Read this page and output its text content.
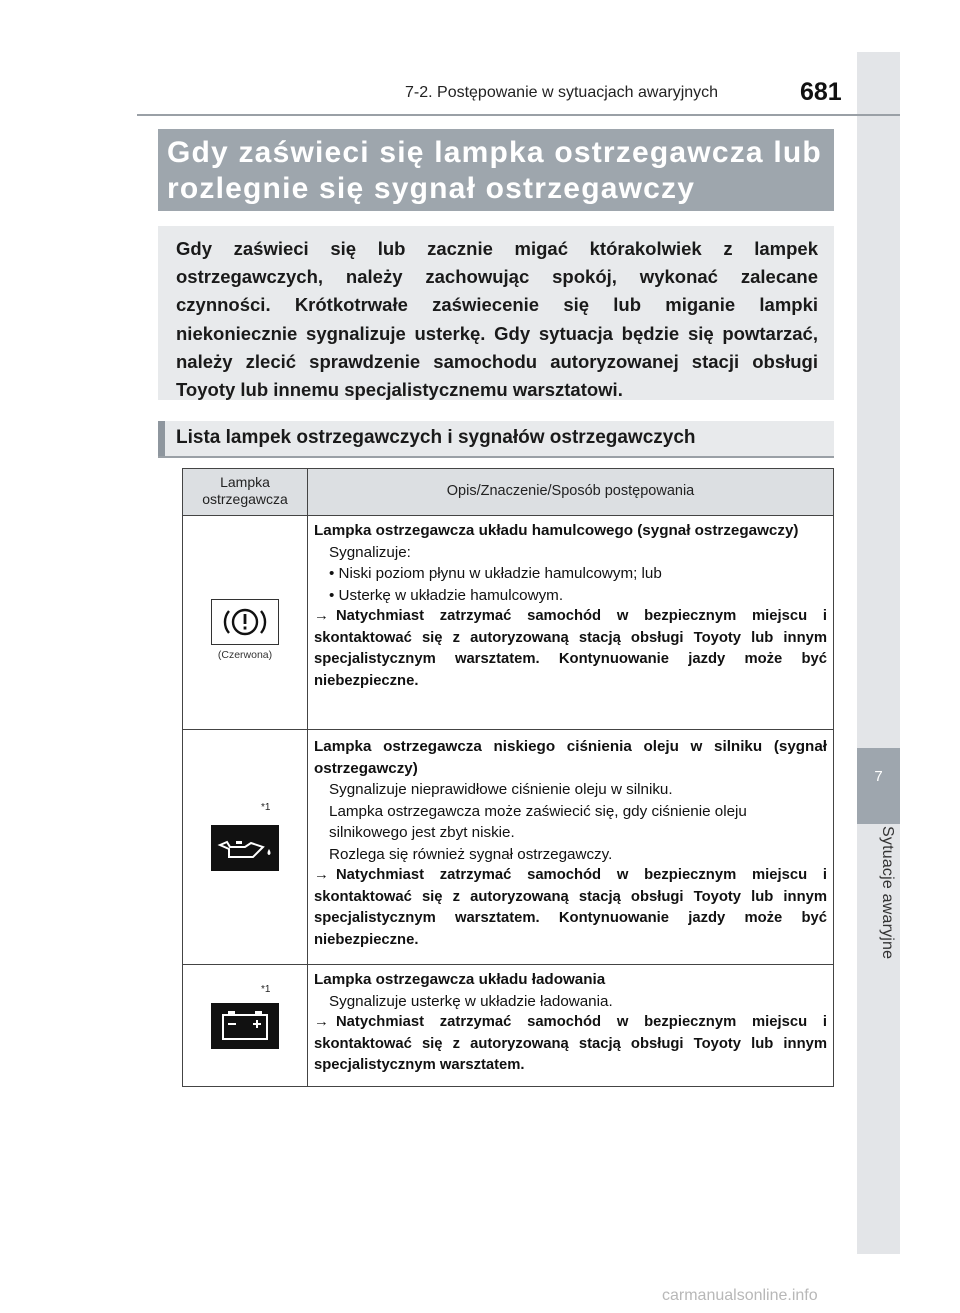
7
Sytuacje awaryjne
7-2. Postępowanie w sytuacjach awaryjnych	681
Gdy zaświeci się lampka ostrzegawcza lub rozlegnie się sygnał ostrzegawczy
Gdy zaświeci się lub zacznie migać którakolwiek z lampek ostrzegawczych, należy zachowując spokój, wykonać zalecane czynności. Krótkotrwałe zaświecenie się lub miganie lampki niekoniecznie sygnalizuje usterkę. Gdy sytuacja będzie się powtarzać, należy zlecić sprawdzenie samochodu autoryzowanej stacji obsługi Toyoty lub innemu specjalistycznemu warsztatowi.
Lista lampek ostrzegawczych i sygnałów ostrzegawczych
Lampka ostrzegawcza	Opis/Znaczenie/Sposób postępowania
(Czerwona)
Lampka ostrzegawcza układu hamulcowego (sygnał ostrzegawczy)
Sygnalizuje:
• Niski poziom płynu w układzie hamulcowym; lub
• Usterkę w układzie hamulcowym.
→ Natychmiast zatrzymać samochód w bezpiecznym miejscu i skontaktować się z autoryzowaną stacją obsługi Toyoty lub innym specjalistycznym warsztatem. Kontynuowanie jazdy może być niebezpieczne.
*1
Lampka ostrzegawcza niskiego ciśnienia oleju w silniku (sygnał ostrzegawczy)
Sygnalizuje nieprawidłowe ciśnienie oleju w silniku.
Lampka ostrzegawcza może zaświecić się, gdy ciśnienie oleju silnikowego jest zbyt niskie.
Rozlega się również sygnał ostrzegawczy.
→ Natychmiast zatrzymać samochód w bezpiecznym miejscu i skontaktować się z autoryzowaną stacją obsługi Toyoty lub innym specjalistycznym warsztatem. Kontynuowanie jazdy może być niebezpieczne.
*1
Lampka ostrzegawcza układu ładowania
Sygnalizuje usterkę w układzie ładowania.
→ Natychmiast zatrzymać samochód w bezpiecznym miejscu i skontaktować się z autoryzowaną stacją obsługi Toyoty lub innym specjalistycznym warsztatem.
carmanualsonline.info
